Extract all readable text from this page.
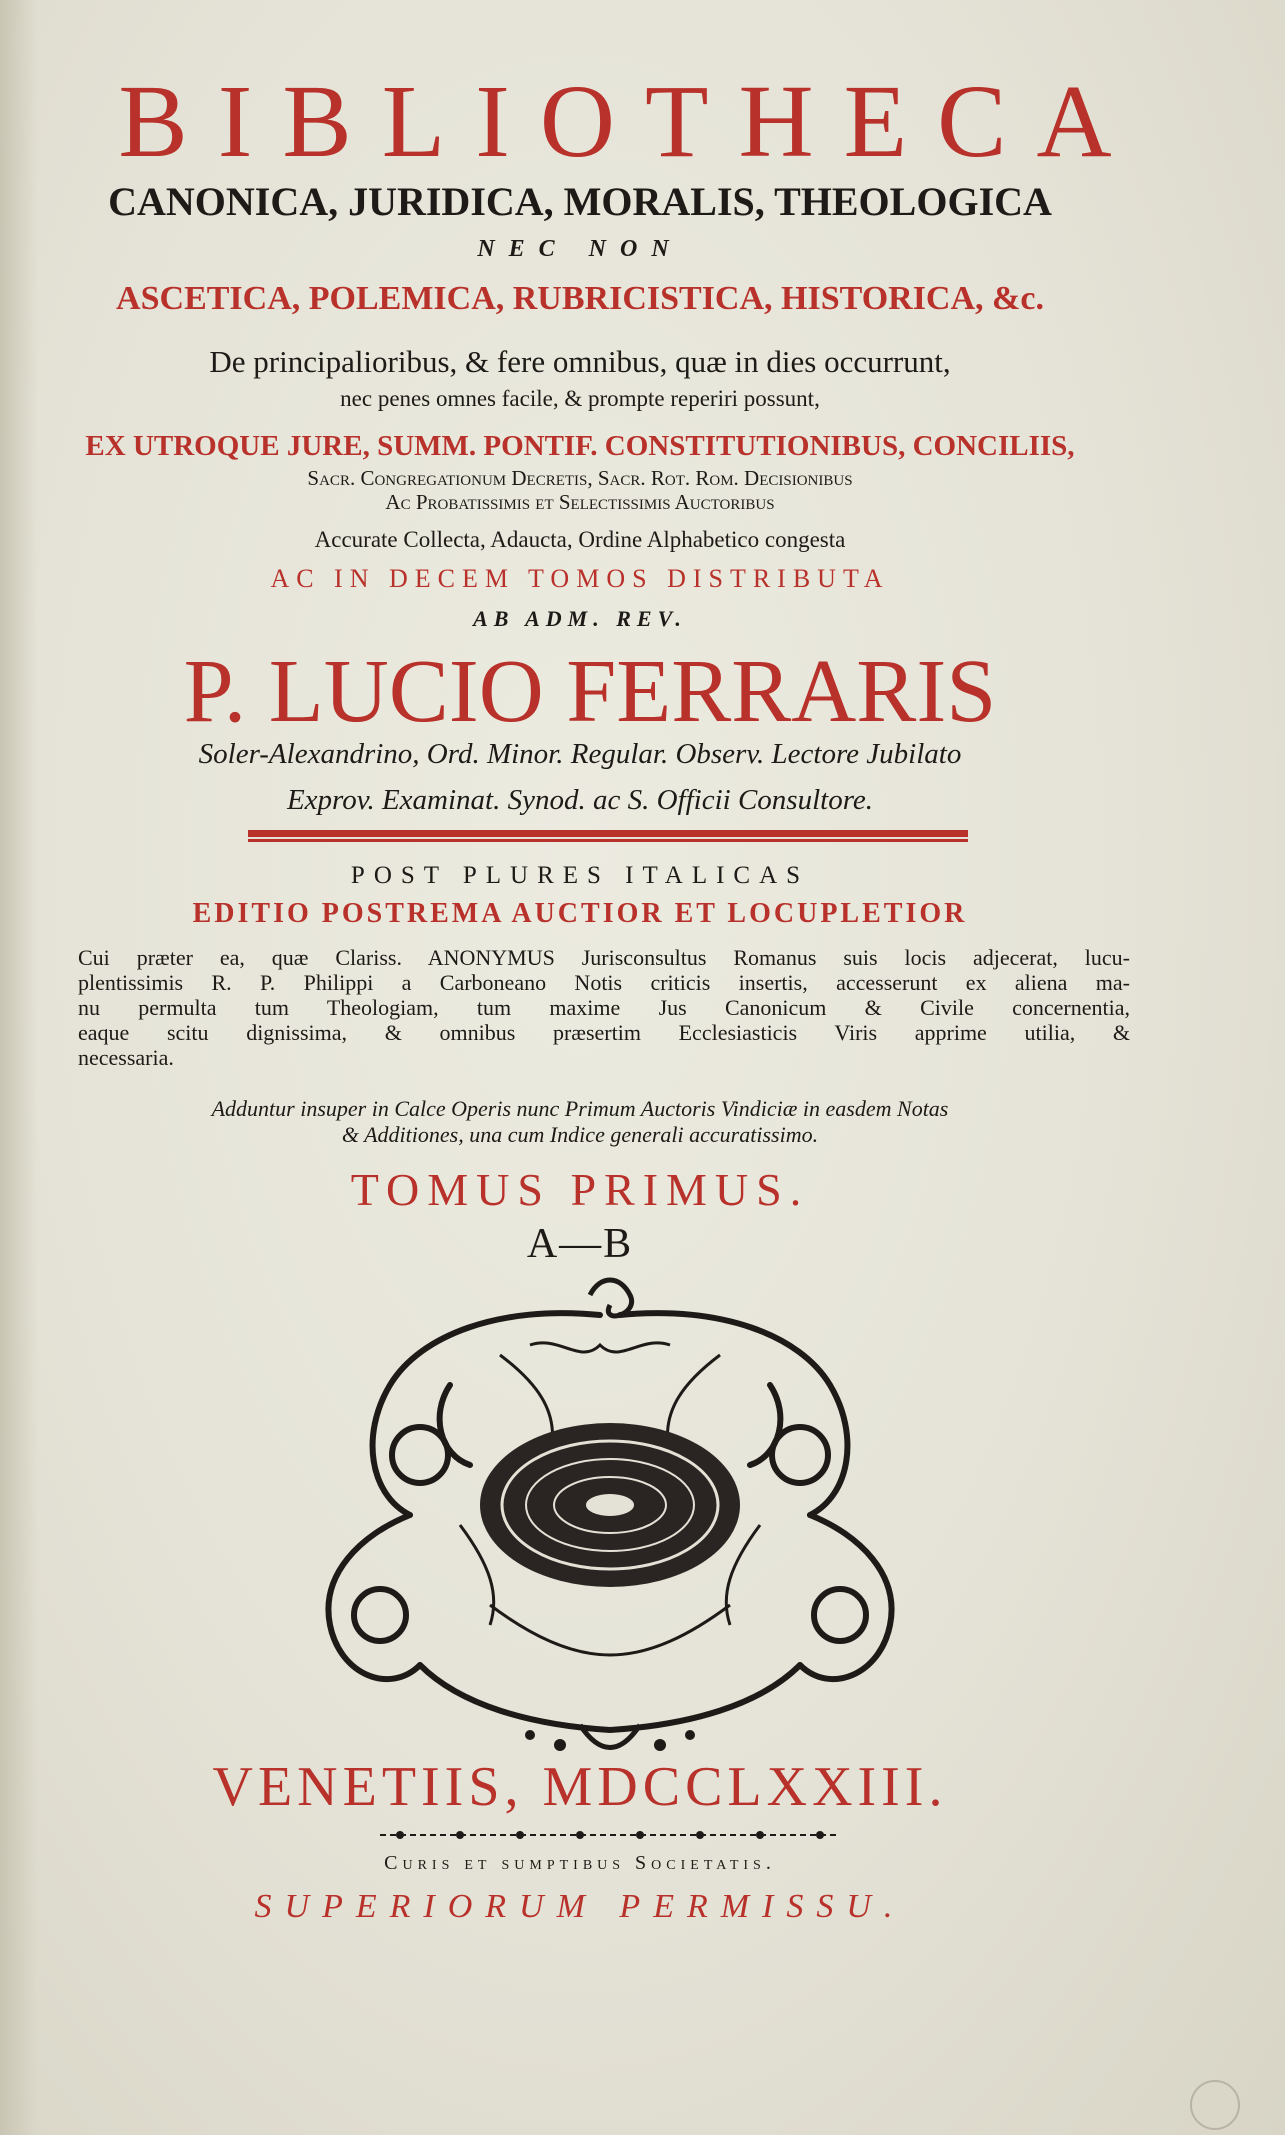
BIBLIOTHECA
CANONICA, JURIDICA, MORALIS, THEOLOGICA
NEC NON
ASCETICA, POLEMICA, RUBRICISTICA, HISTORICA, &c.
De principalioribus, & fere omnibus, quæ in dies occurrunt,
nec penes omnes facile, & prompte reperiri possunt,
EX UTROQUE JURE, SUMM. PONTIF. CONSTITUTIONIBUS, CONCILIIS,
Sacr. Congregationum Decretis, Sacr. Rot. Rom. Decisionibus
Ac Probatissimis et Selectissimis Auctoribus
Accurate Collecta, Adaucta, Ordine Alphabetico congesta
AC IN DECEM TOMOS DISTRIBUTA
AB ADM. REV.
P. LUCIO FERRARIS
Soler-Alexandrino, Ord. Minor. Regular. Observ. Lectore Jubilato
Exprov. Examinat. Synod. ac S. Officii Consultore.
POST PLURES ITALICAS
EDITIO POSTREMA AUCTIOR ET LOCUPLETIOR
Cui præter ea, quæ Clariss. ANONYMUS Jurisconsultus Romanus suis locis adjecerat, lucu-
plentissimis R. P. Philippi a Carboneano Notis criticis insertis, accesserunt ex aliena ma-
nu permulta tum Theologiam, tum maxime Jus Canonicum & Civile concernentia,
eaque scitu dignissima, & omnibus præsertim Ecclesiasticis Viris apprime utilia, &
necessaria.
Adduntur insuper in Calce Operis nunc Primum Auctoris Vindiciæ in easdem Notas
& Additiones, una cum Indice generali accuratissimo.
TOMUS PRIMUS.
A—B
VENETIIS, MDCCLXXIII.
Curis et sumptibus Societatis.
SUPERIORUM PERMISSU.
